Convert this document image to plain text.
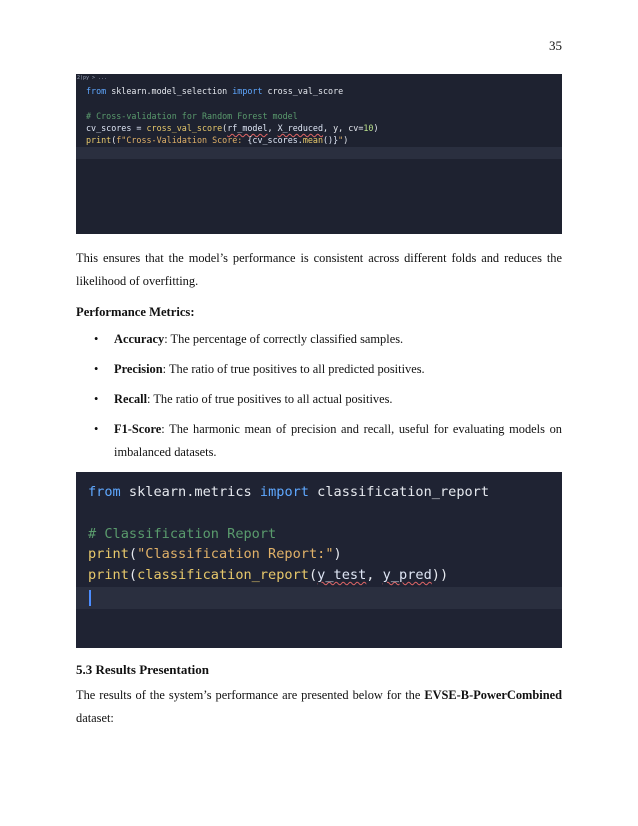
35
2)py > ...
from sklearn.model_selection import cross_val_score
# Cross-validation for Random Forest model
cv_scores = cross_val_score(rf_model, X_reduced, y, cv=10)
print(f"Cross-Validation Score: {cv_scores.mean()}")
This ensures that the model’s performance is consistent across different folds and reduces the likelihood of overfitting.
Performance Metrics:
• Accuracy: The percentage of correctly classified samples.
• Precision: The ratio of true positives to all predicted positives.
• Recall: The ratio of true positives to all actual positives.
• F1-Score: The harmonic mean of precision and recall, useful for evaluating models on imbalanced datasets.
from sklearn.metrics import classification_report
# Classification Report
print("Classification Report:")
print(classification_report(y_test, y_pred))
5.3 Results Presentation
The results of the system’s performance are presented below for the EVSE-B-PowerCombined dataset:
